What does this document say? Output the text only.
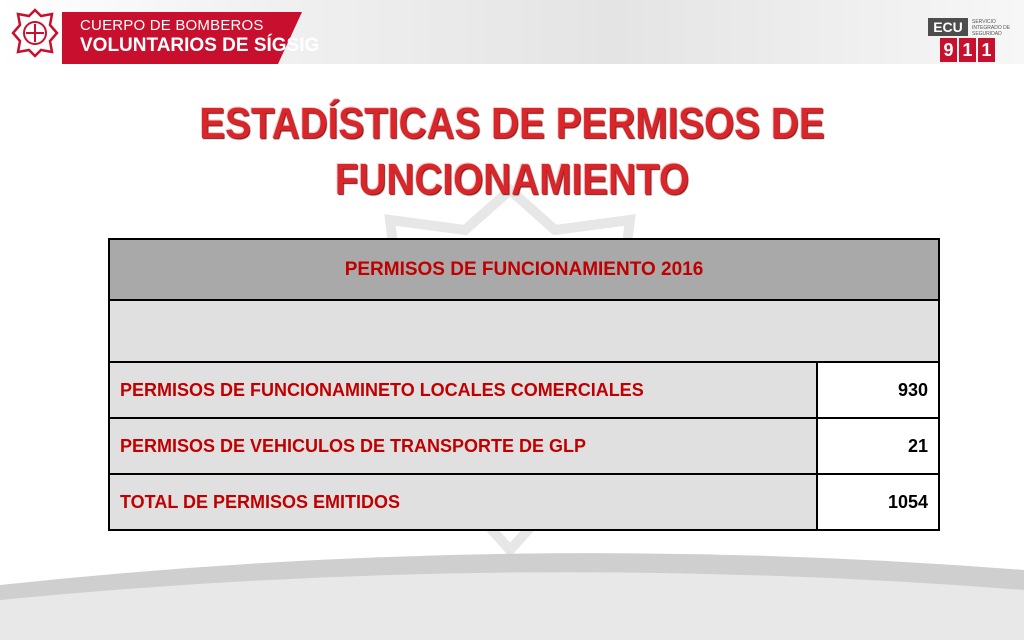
CUERPO DE BOMBEROS
VOLUNTARIOS DE SÍGSIG
ECU	SERVICIO INTEGRADO DE SEGURIDAD
9 1 1
ESTADÍSTICAS DE PERMISOS DE FUNCIONAMIENTO
PERMISOS DE FUNCIONAMIENTO 2016	

PERMISOS DE FUNCIONAMINETO LOCALES COMERCIALES	930
PERMISOS DE VEHICULOS DE TRANSPORTE DE GLP	21
TOTAL DE PERMISOS EMITIDOS	1054
